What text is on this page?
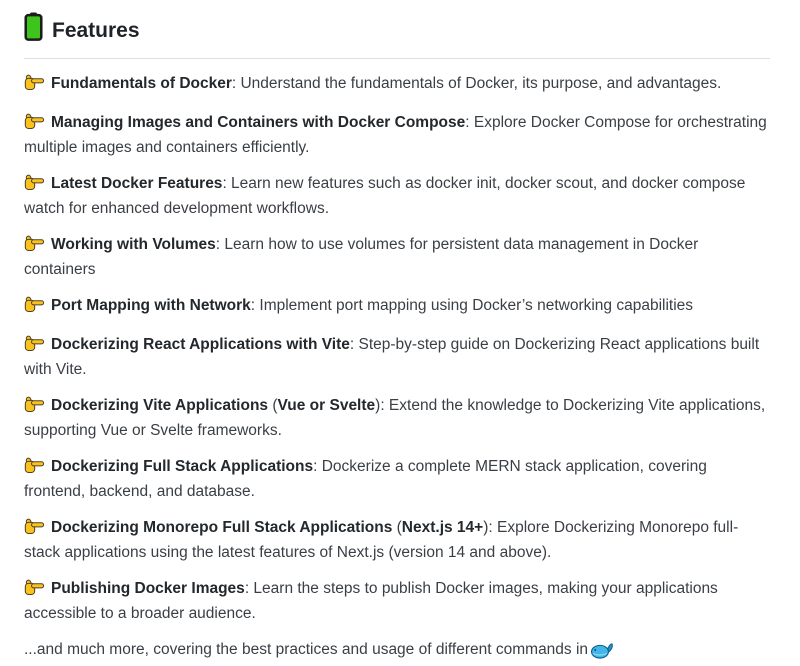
Features

Fundamentals of Docker: Understand the fundamentals of Docker, its purpose, and advantages.

Managing Images and Containers with Docker Compose: Explore Docker Compose for orchestrating multiple images and containers efficiently.

Latest Docker Features: Learn new features such as docker init, docker scout, and docker compose watch for enhanced development workflows.

Working with Volumes: Learn how to use volumes for persistent data management in Docker containers

Port Mapping with Network: Implement port mapping using Docker’s networking capabilities

Dockerizing React Applications with Vite: Step-by-step guide on Dockerizing React applications built with Vite.

Dockerizing Vite Applications (Vue or Svelte): Extend the knowledge to Dockerizing Vite applications, supporting Vue or Svelte frameworks.

Dockerizing Full Stack Applications: Dockerize a complete MERN stack application, covering frontend, backend, and database.

Dockerizing Monorepo Full Stack Applications (Next.js 14+): Explore Dockerizing Monorepo full-stack applications using the latest features of Next.js (version 14 and above).

Publishing Docker Images: Learn the steps to publish Docker images, making your applications accessible to a broader audience.

...and much more, covering the best practices and usage of different commands in
